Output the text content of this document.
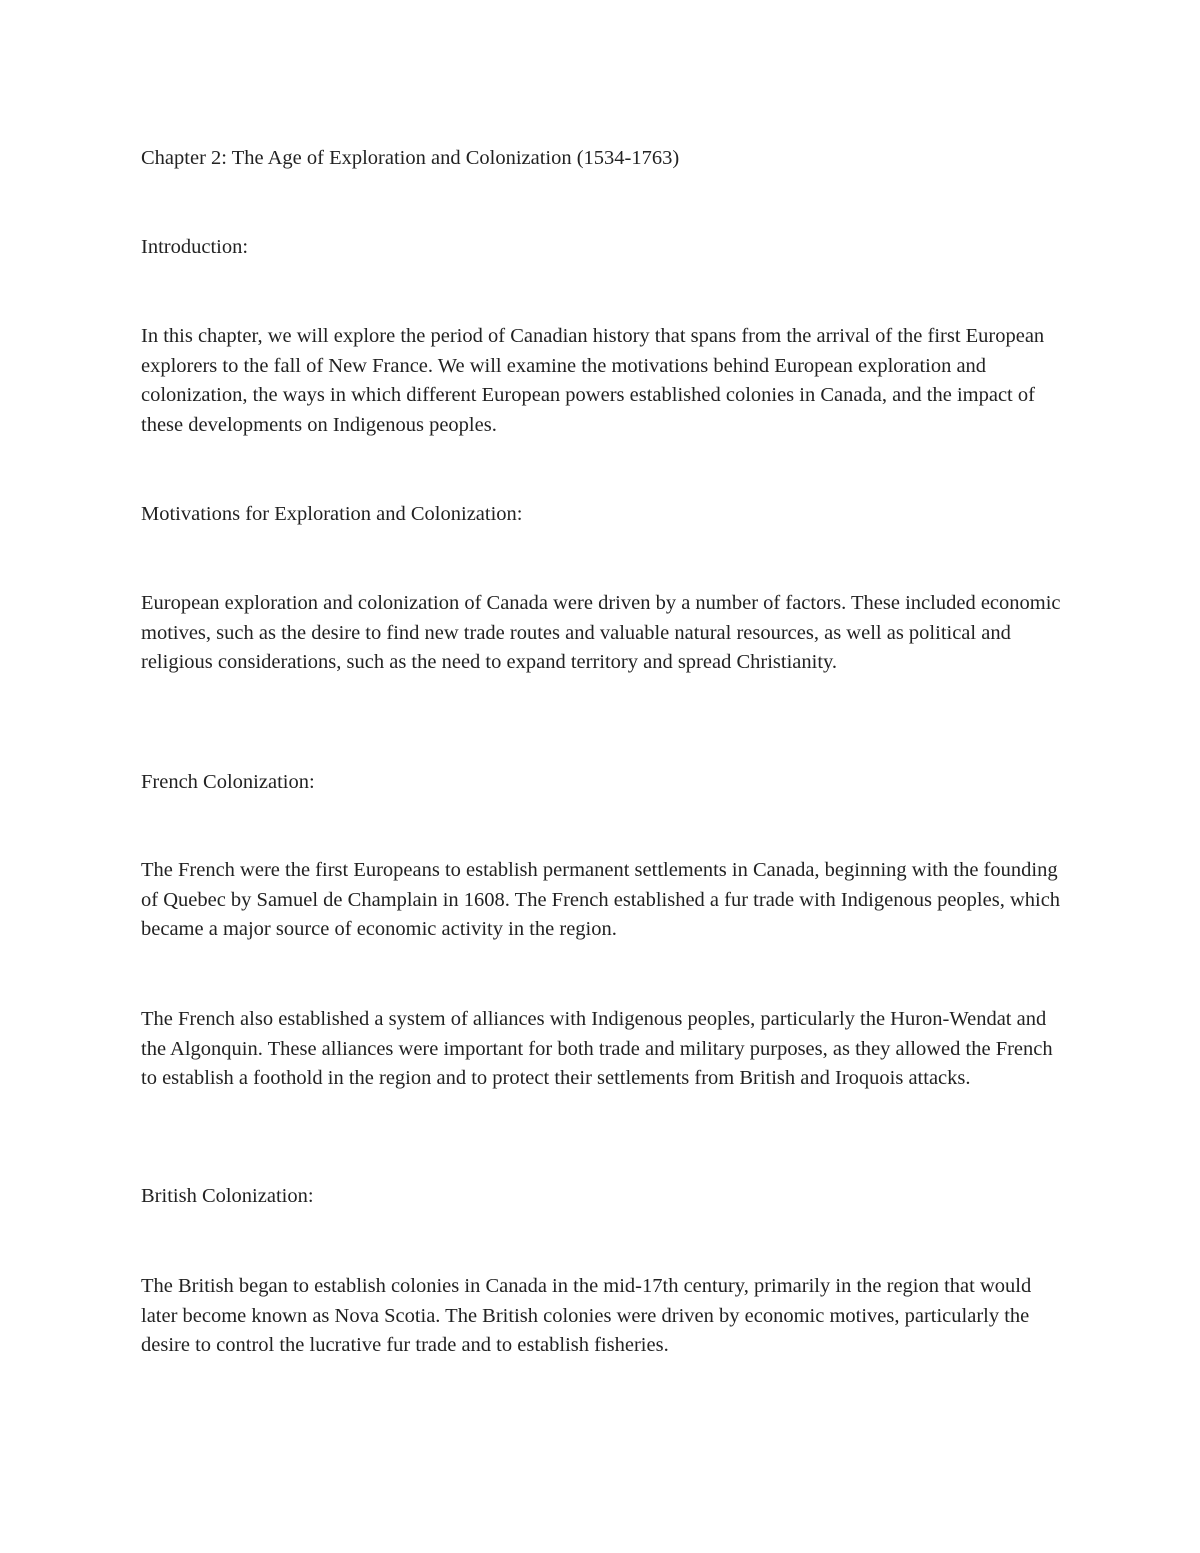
Chapter 2: The Age of Exploration and Colonization (1534-1763)
Introduction:

In this chapter, we will explore the period of Canadian history that spans from the arrival of the first European explorers to the fall of New France. We will examine the motivations behind European exploration and colonization, the ways in which different European powers established colonies in Canada, and the impact of these developments on Indigenous peoples.

Motivations for Exploration and Colonization:

European exploration and colonization of Canada were driven by a number of factors. These included economic motives, such as the desire to find new trade routes and valuable natural resources, as well as political and religious considerations, such as the need to expand territory and spread Christianity.

French Colonization:

The French were the first Europeans to establish permanent settlements in Canada, beginning with the founding of Quebec by Samuel de Champlain in 1608. The French established a fur trade with Indigenous peoples, which became a major source of economic activity in the region.

The French also established a system of alliances with Indigenous peoples, particularly the Huron-Wendat and the Algonquin. These alliances were important for both trade and military purposes, as they allowed the French to establish a foothold in the region and to protect their settlements from British and Iroquois attacks.

British Colonization:

The British began to establish colonies in Canada in the mid-17th century, primarily in the region that would later become known as Nova Scotia. The British colonies were driven by economic motives, particularly the desire to control the lucrative fur trade and to establish fisheries.
